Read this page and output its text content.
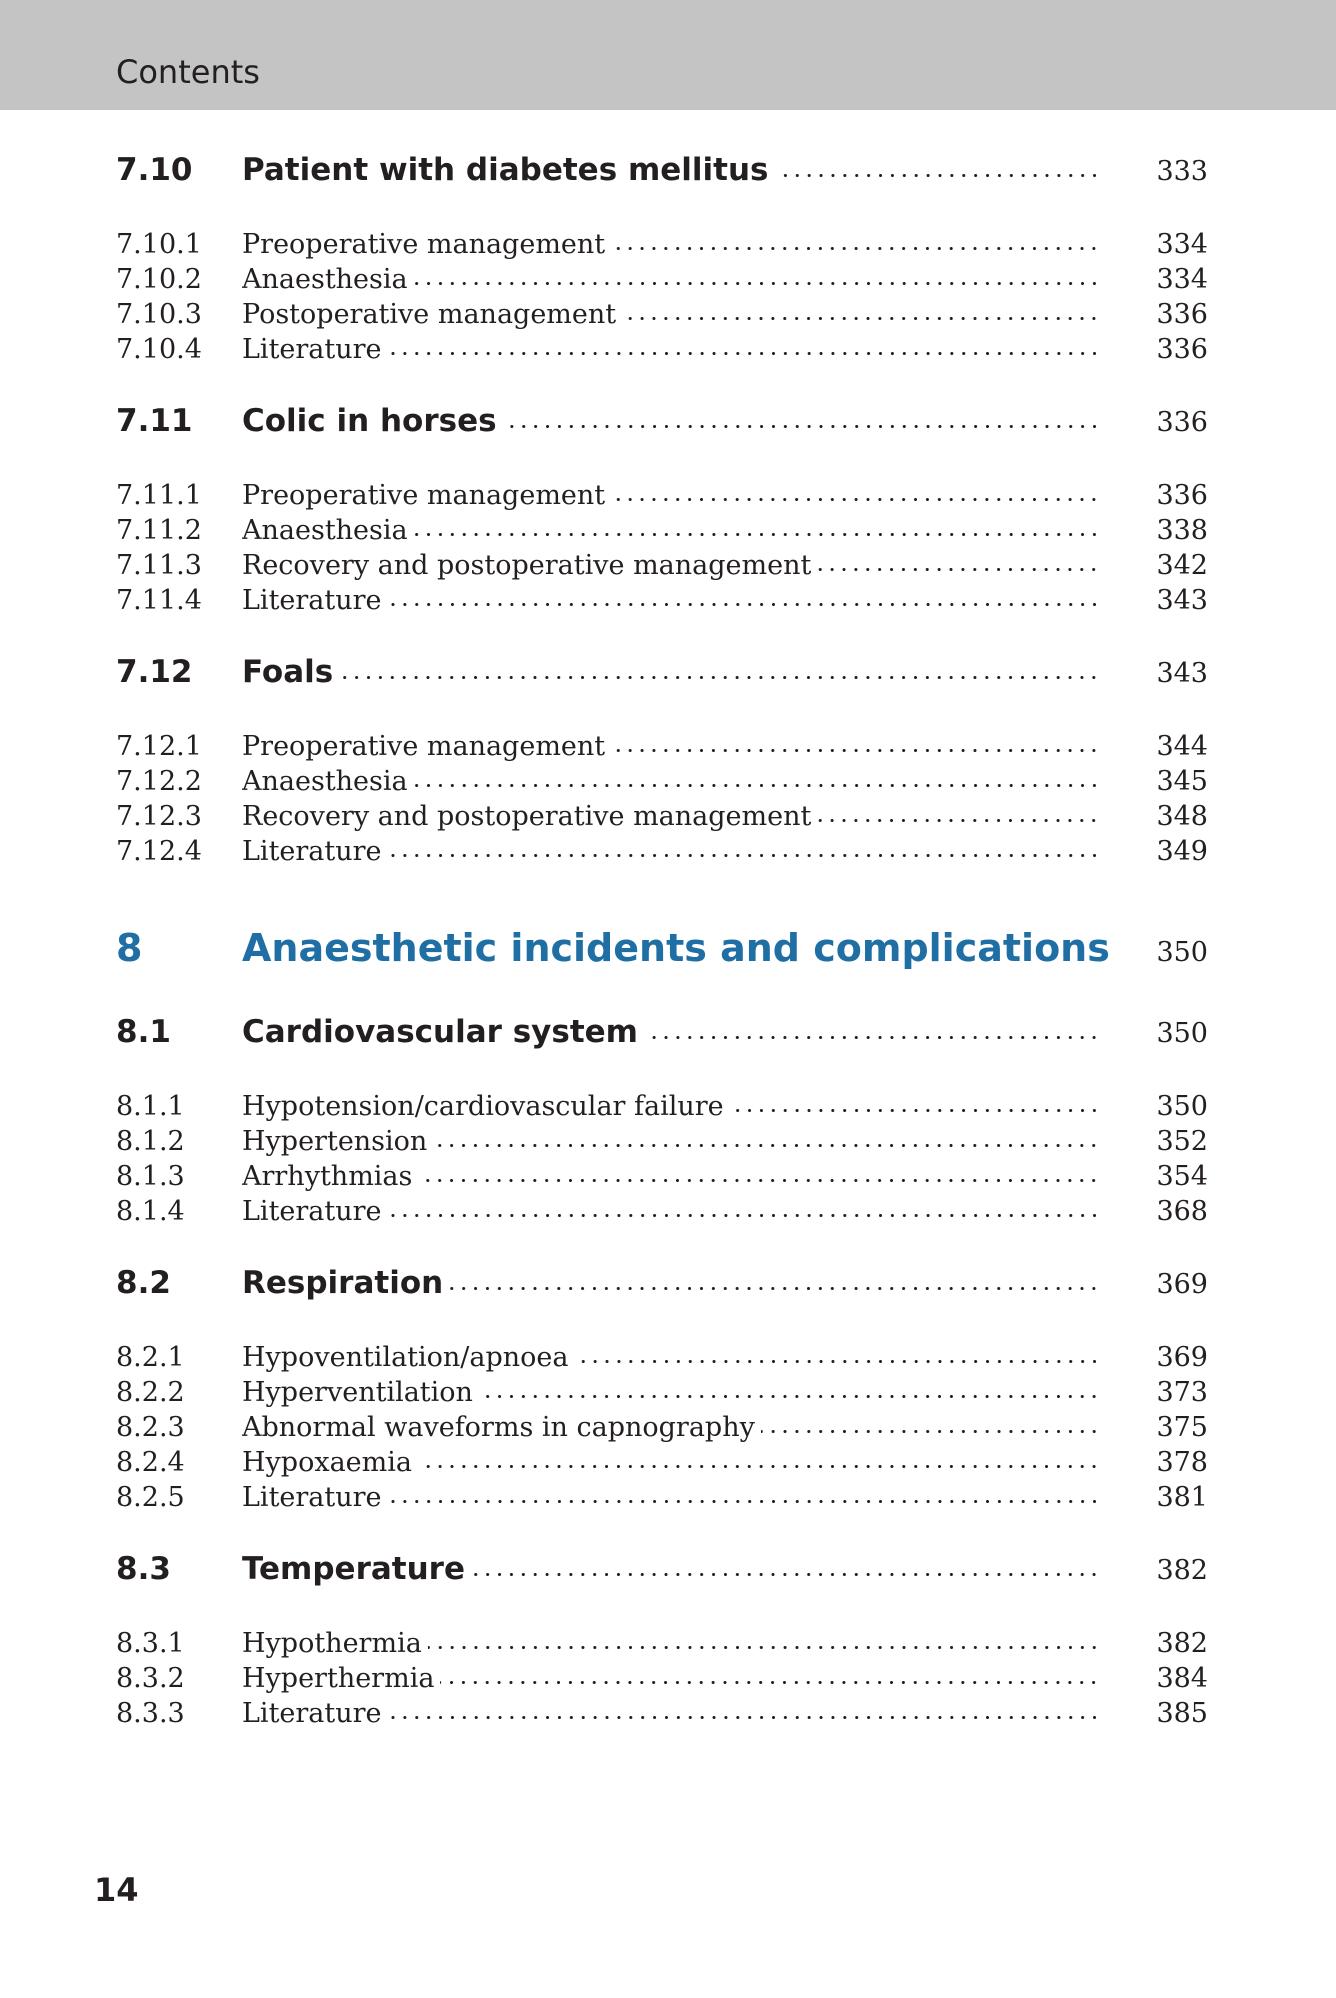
Contents
7.10	Patient with diabetes mellitus	333
7.10.1	Preoperative management	334
7.10.2	Anaesthesia	334
7.10.3	Postoperative management	336
7.10.4	Literature	336
7.11	Colic in horses	336
7.11.1	Preoperative management	336
7.11.2	Anaesthesia	338
7.11.3	Recovery and postoperative management	342
7.11.4	Literature	343
7.12	Foals	343
7.12.1	Preoperative management	344
7.12.2	Anaesthesia	345
7.12.3	Recovery and postoperative management	348
7.12.4	Literature	349
8	Anaesthetic incidents and complications	350
8.1	Cardiovascular system	350
8.1.1	Hypotension/cardiovascular failure	350
8.1.2	Hypertension	352
8.1.3	Arrhythmias	354
8.1.4	Literature	368
8.2	Respiration	369
8.2.1	Hypoventilation/apnoea	369
8.2.2	Hyperventilation	373
8.2.3	Abnormal waveforms in capnography	375
8.2.4	Hypoxaemia	378
8.2.5	Literature	381
8.3	Temperature	382
8.3.1	Hypothermia	382
8.3.2	Hyperthermia	384
8.3.3	Literature	385
14
